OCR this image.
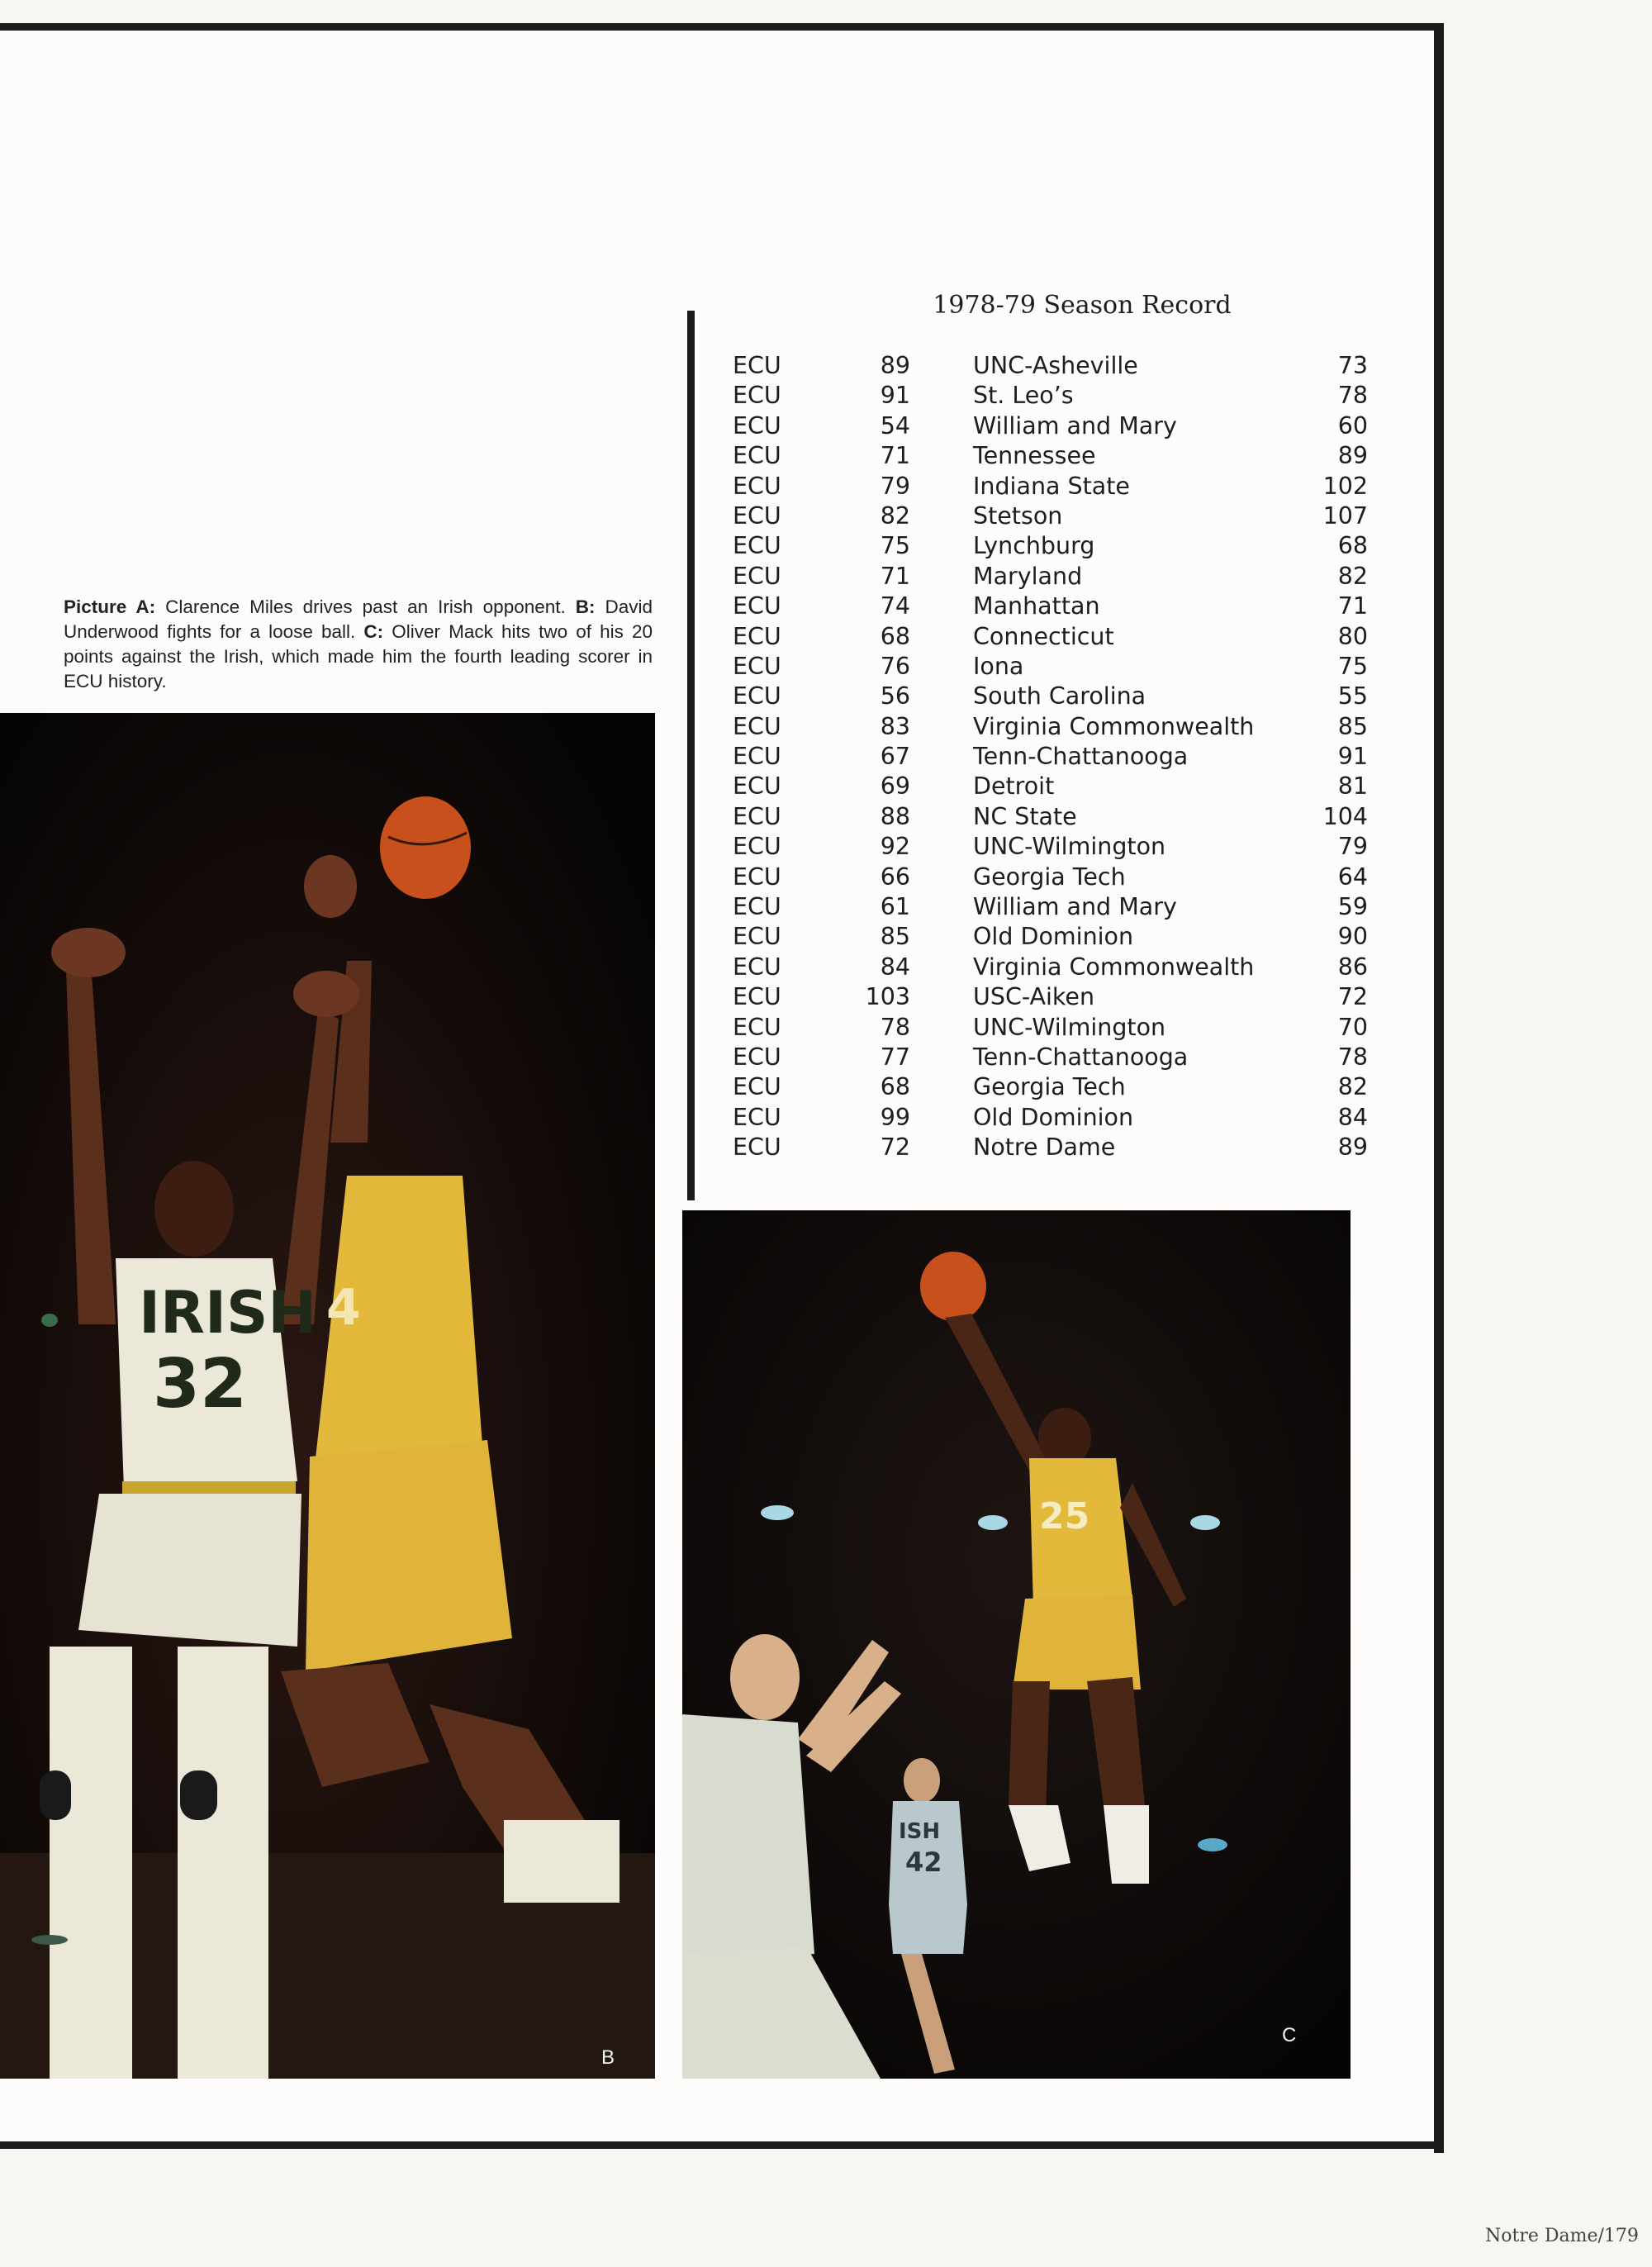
Picture A: Clarence Miles drives past an Irish opponent. B: David Underwood fights for a loose ball. C: Oliver Mack hits two of his 20 points against the Irish, which made him the fourth leading scorer in ECU history.

1978-79 Season Record
ECU	89	UNC-Asheville	73
ECU	91	St. Leo’s	78
ECU	54	William and Mary	60
ECU	71	Tennessee	89
ECU	79	Indiana State	102
ECU	82	Stetson	107
ECU	75	Lynchburg	68
ECU	71	Maryland	82
ECU	74	Manhattan	71
ECU	68	Connecticut	80
ECU	76	Iona	75
ECU	56	South Carolina	55
ECU	83	Virginia Commonwealth	85
ECU	67	Tenn-Chattanooga	91
ECU	69	Detroit	81
ECU	88	NC State	104
ECU	92	UNC-Wilmington	79
ECU	66	Georgia Tech	64
ECU	61	William and Mary	59
ECU	85	Old Dominion	90
ECU	84	Virginia Commonwealth	86
ECU	103	USC-Aiken	72
ECU	78	UNC-Wilmington	70
ECU	77	Tenn-Chattanooga	78
ECU	68	Georgia Tech	82
ECU	99	Old Dominion	84
ECU	72	Notre Dame	89
IRISH
32
4
B
25
ISH
42
C
Notre Dame/179
